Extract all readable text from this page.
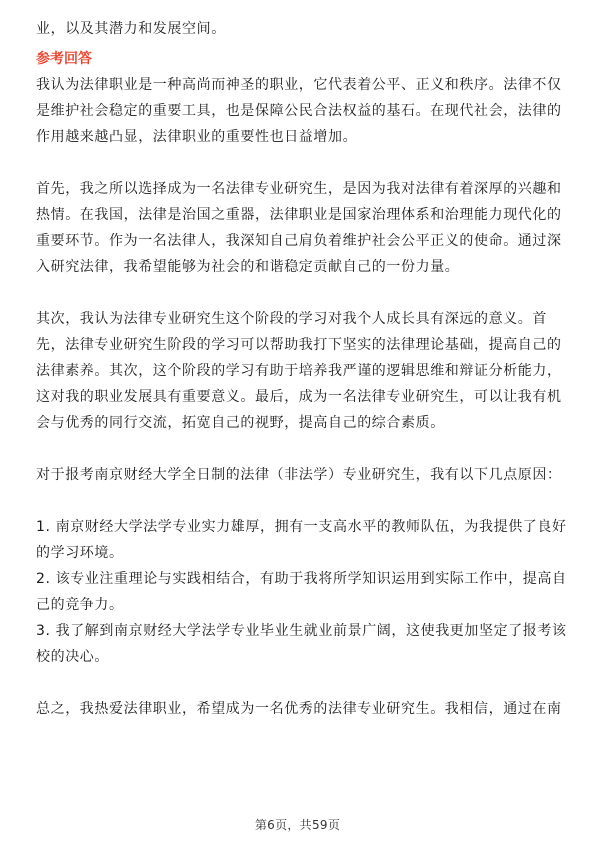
业，以及其潜力和发展空间。
参考回答
我认为法律职业是一种高尚而神圣的职业，它代表着公平、正义和秩序。法律不仅
是维护社会稳定的重要工具，也是保障公民合法权益的基石。在现代社会，法律的
作用越来越凸显，法律职业的重要性也日益增加。
首先，我之所以选择成为一名法律专业研究生，是因为我对法律有着深厚的兴趣和
热情。在我国，法律是治国之重器，法律职业是国家治理体系和治理能力现代化的
重要环节。作为一名法律人，我深知自己肩负着维护社会公平正义的使命。通过深
入研究法律，我希望能够为社会的和谐稳定贡献自己的一份力量。
其次，我认为法律专业研究生这个阶段的学习对我个人成长具有深远的意义。首
先，法律专业研究生阶段的学习可以帮助我打下坚实的法律理论基础，提高自己的
法律素养。其次，这个阶段的学习有助于培养我严谨的逻辑思维和辩证分析能力，
这对我的职业发展具有重要意义。最后，成为一名法律专业研究生，可以让我有机
会与优秀的同行交流，拓宽自己的视野，提高自己的综合素质。
对于报考南京财经大学全日制的法律（非法学）专业研究生，我有以下几点原因：
1. 南京财经大学法学专业实力雄厚，拥有一支高水平的教师队伍，为我提供了良好
的学习环境。
2. 该专业注重理论与实践相结合，有助于我将所学知识运用到实际工作中，提高自
己的竞争力。
3. 我了解到南京财经大学法学专业毕业生就业前景广阔，这使我更加坚定了报考该
校的决心。
总之，我热爱法律职业，希望成为一名优秀的法律专业研究生。我相信，通过在南
第6页，共59页
